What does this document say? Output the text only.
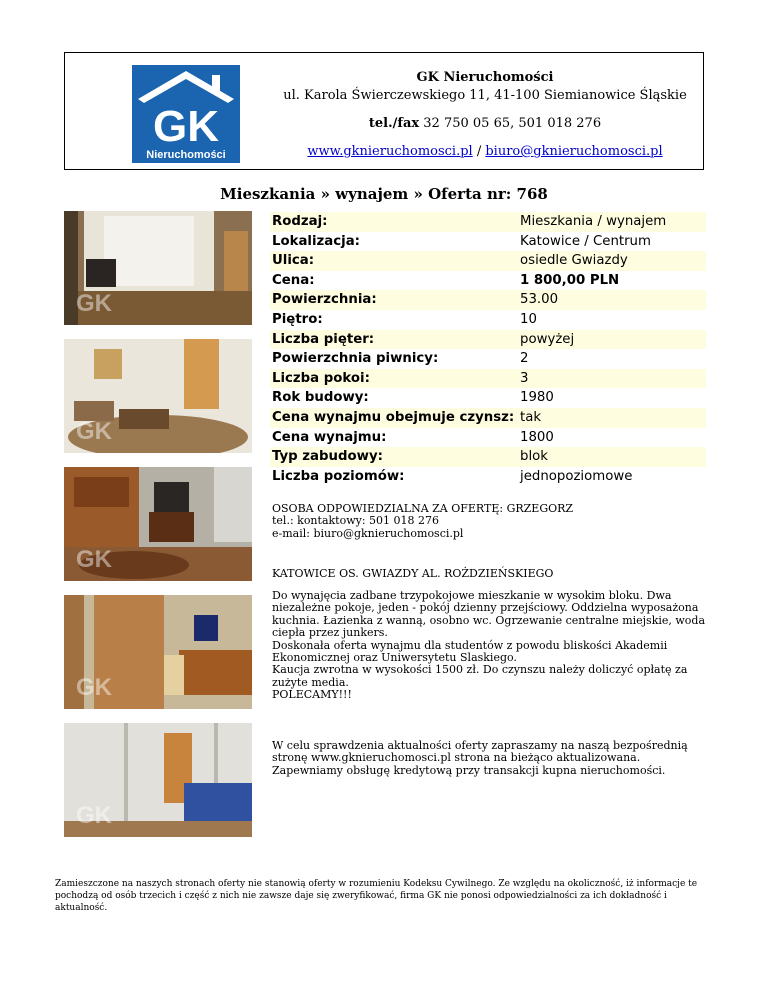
GK
Nieruchomości
GK Nieruchomości
ul. Karola Świerczewskiego 11, 41-100 Siemianowice Śląskie
tel./fax 32 750 05 65, 501 018 276
www.gknieruchomosci.pl / biuro@gknieruchomosci.pl
Mieszkania » wynajem » Oferta nr: 768
GK
GK
GK
GK
GK
Rodzaj:	Mieszkania / wynajem
Lokalizacja:	Katowice / Centrum
Ulica:	osiedle Gwiazdy
Cena:	1 800,00 PLN
Powierzchnia:	53.00
Piętro:	10
Liczba pięter:	powyżej
Powierzchnia piwnicy:	2
Liczba pokoi:	3
Rok budowy:	1980
Cena wynajmu obejmuje czynsz:	tak
Cena wynajmu:	1800
Typ zabudowy:	blok
Liczba poziomów:	jednopoziomowe
OSOBA ODPOWIEDZIALNA ZA OFERTĘ: GRZEGORZ
tel.: kontaktowy: 501 018 276
e-mail: biuro@gknieruchomosci.pl
KATOWICE OS. GWIAZDY AL. ROŻDZIEŃSKIEGO
Do wynajęcia zadbane trzypokojowe mieszkanie w wysokim bloku. Dwa niezależne pokoje, jeden - pokój dzienny przejściowy. Oddzielna wyposażona kuchnia. Łazienka z wanną, osobno wc. Ogrzewanie centralne miejskie, woda ciepła przez junkers.
Doskonała oferta wynajmu dla studentów z powodu bliskości Akademii Ekonomicznej oraz Uniwersytetu Slaskiego.
Kaucja zwrotna w wysokości 1500 zł. Do czynszu należy doliczyć opłatę za zużyte media.
POLECAMY!!!
W celu sprawdzenia aktualności oferty zapraszamy na naszą bezpośrednią stronę www.gknieruchomosci.pl strona na bieżąco aktualizowana. Zapewniamy obsługę kredytową przy transakcji kupna nieruchomości.
Zamieszczone na naszych stronach oferty nie stanowią oferty w rozumieniu Kodeksu Cywilnego. Ze względu na okoliczność, iż informacje te pochodzą od osób trzecich i część z nich nie zawsze daje się zweryfikować, firma GK nie ponosi odpowiedzialności za ich dokładność i aktualność.
